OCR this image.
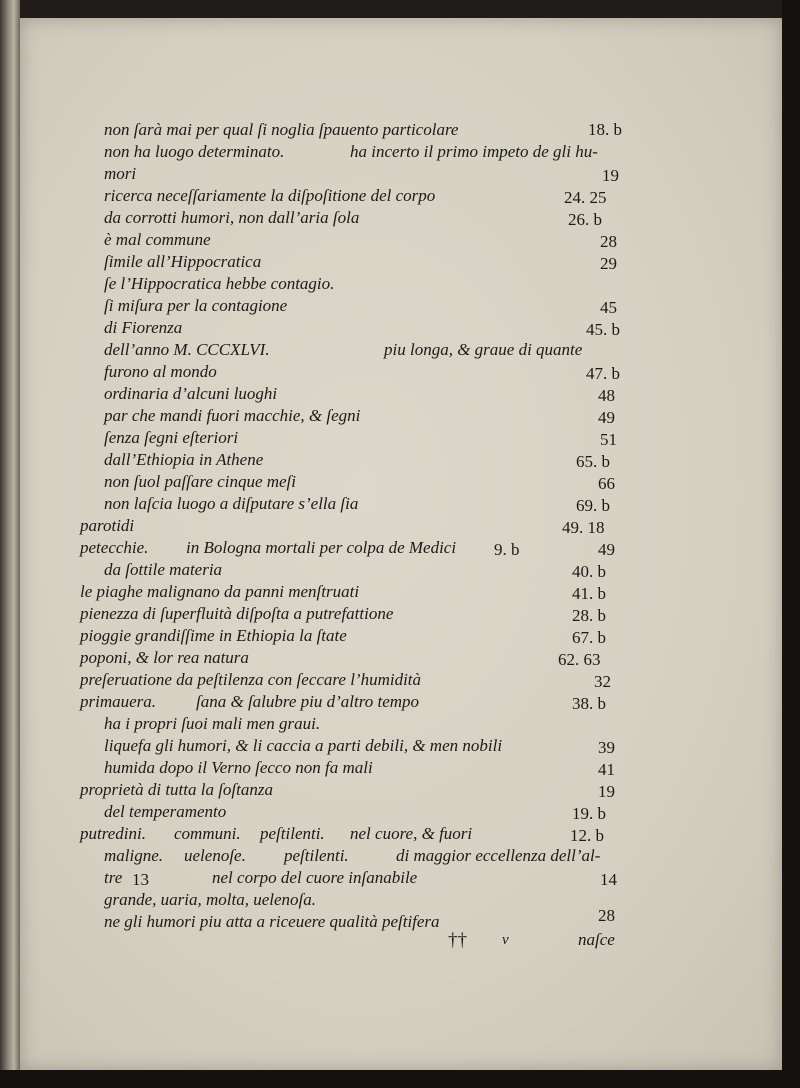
non ſarà mai per qual ſi noglia ſpauento particolare	18. b
non ha luogo determinato.	ha incerto il primo impeto de gli hu-
mori	19
ricerca neceſſariamente la diſpoſitione del corpo	24. 25
da corrotti humori, non dall’aria ſola	26. b
è mal commune	28
ſimile all’Hippocratica	29
ſe l’Hippocratica hebbe contagio.
ſi miſura per la contagione	45
di Fiorenza	45. b
dell’anno M. CCCXLVI.	piu longa, & graue di quante
furono al mondo	47. b
ordinaria d’alcuni luoghi	48
par che mandi fuori macchie, & ſegni	49
ſenza ſegni eſteriori	51
dall’Ethiopia in Athene	65. b
non ſuol paſſare cinque meſi	66
non laſcia luogo a diſputare s’ella ſia	69. b
parotidi	49. 18
petecchie. in Bologna mortali per colpa de Medici 9. b	49
da ſottile materia	40. b
le piaghe malignano da panni menſtruati	41. b
pienezza di ſuperfluità diſpoſta a putrefattione	28. b
pioggie grandiſſime in Ethiopia la ſtate	67. b
poponi, & lor rea natura	62. 63
preſeruatione da peſtilenza con ſeccare l’humidità	32
primauera. ſana & ſalubre piu d’altro tempo	38. b
ha i propri ſuoi mali men graui.
liquefa gli humori, & li caccia a parti debili, & men nobili	39
humida dopo il Verno ſecco non fa mali	41
proprietà di tutta la ſoſtanza	19
del temperamento	19. b
putredini. communi. peſtilenti. nel cuore, & fuori	12. b
maligne. uelenoſe. peſtilenti.	di maggior eccellenza dell’al-
tre 13	nel corpo del cuore inſanabile	14
grande, uaria, molta, uelenoſa.
ne gli humori piu atta a riceuere qualità peſtifera	28
†† v	naſce
